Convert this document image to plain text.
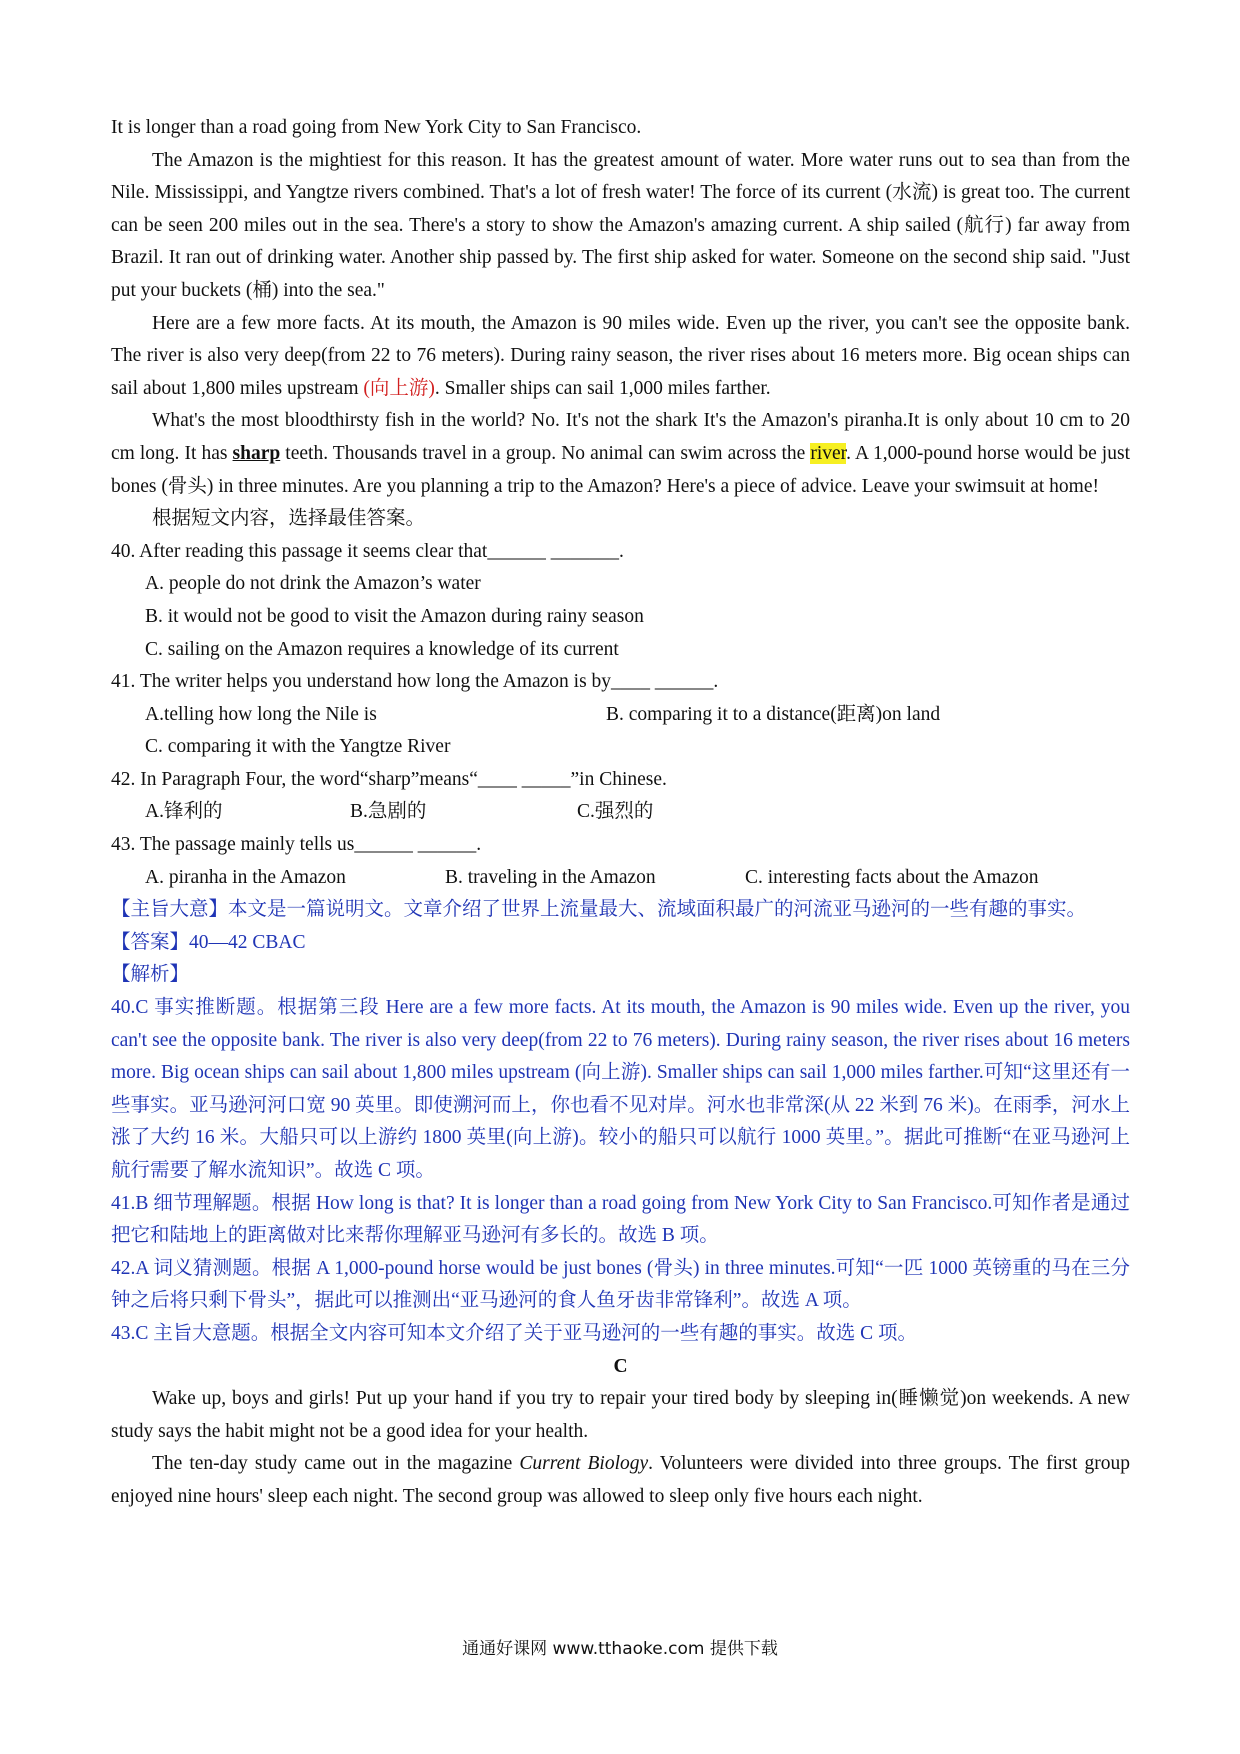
It is longer than a road going from New York City to San Francisco.

The Amazon is the mightiest for this reason. It has the greatest amount of water. More water runs out to sea than from the Nile. Mississippi, and Yangtze rivers combined. That's a lot of fresh water! The force of its current (水流) is great too. The current can be seen 200 miles out in the sea. There's a story to show the Amazon's amazing current. A ship sailed (航行) far away from Brazil. It ran out of drinking water. Another ship passed by. The first ship asked for water. Someone on the second ship said. "Just put your buckets (桶) into the sea."

Here are a few more facts. At its mouth, the Amazon is 90 miles wide. Even up the river, you can't see the opposite bank. The river is also very deep(from 22 to 76 meters). During rainy season, the river rises about 16 meters more. Big ocean ships can sail about 1,800 miles upstream (向上游). Smaller ships can sail 1,000 miles farther.

What's the most bloodthirsty fish in the world? No. It's not the shark It's the Amazon's piranha.It is only about 10 cm to 20 cm long. It has sharp teeth. Thousands travel in a group. No animal can swim across the river. A 1,000-pound horse would be just bones (骨头) in three minutes. Are you planning a trip to the Amazon? Here's a piece of advice. Leave your swimsuit at home!

根据短文内容，选择最佳答案。

40. After reading this passage it seems clear that______ _______.

A. people do not drink the Amazon’s water

B. it would not be good to visit the Amazon during rainy season

C. sailing on the Amazon requires a knowledge of its current

41. The writer helps you understand how long the Amazon is by____ ______.

A.telling how long the Nile is	B. comparing it to a distance(距离)on land

C. comparing it with the Yangtze River

42. In Paragraph Four, the word“sharp”means“____ _____”in Chinese.

A.锋利的	B.急剧的	C.强烈的

43. The passage mainly tells us______ ______.

A. piranha in the Amazon	B. traveling in the Amazon	C. interesting facts about the Amazon

【主旨大意】本文是一篇说明文。文章介绍了世界上流量最大、流域面积最广的河流亚马逊河的一些有趣的事实。

【答案】40—42 CBAC

【解析】

40.C 事实推断题。根据第三段 Here are a few more facts. At its mouth, the Amazon is 90 miles wide. Even up the river, you can't see the opposite bank. The river is also very deep(from 22 to 76 meters). During rainy season, the river rises about 16 meters more. Big ocean ships can sail about 1,800 miles upstream (向上游). Smaller ships can sail 1,000 miles farther.可知“这里还有一些事实。亚马逊河河口宽 90 英里。即使溯河而上，你也看不见对岸。河水也非常深(从 22 米到 76 米)。在雨季，河水上涨了大约 16 米。大船只可以上游约 1800 英里(向上游)。较小的船只可以航行 1000 英里。”。据此可推断“在亚马逊河上航行需要了解水流知识”。故选 C 项。

41.B 细节理解题。根据 How long is that? It is longer than a road going from New York City to San Francisco.可知作者是通过把它和陆地上的距离做对比来帮你理解亚马逊河有多长的。故选 B 项。

42.A 词义猜测题。根据 A 1,000-pound horse would be just bones (骨头) in three minutes.可知“一匹 1000 英镑重的马在三分钟之后将只剩下骨头”，据此可以推测出“亚马逊河的食人鱼牙齿非常锋利”。故选 A 项。

43.C 主旨大意题。根据全文内容可知本文介绍了关于亚马逊河的一些有趣的事实。故选 C 项。

C

Wake up, boys and girls! Put up your hand if you try to repair your tired body by sleeping in(睡懒觉)on weekends. A new study says the habit might not be a good idea for your health.

The ten-day study came out in the magazine Current Biology. Volunteers were divided into three groups. The first group enjoyed nine hours' sleep each night. The second group was allowed to sleep only five hours each night.

通通好课网 www.tthaoke.com 提供下载
